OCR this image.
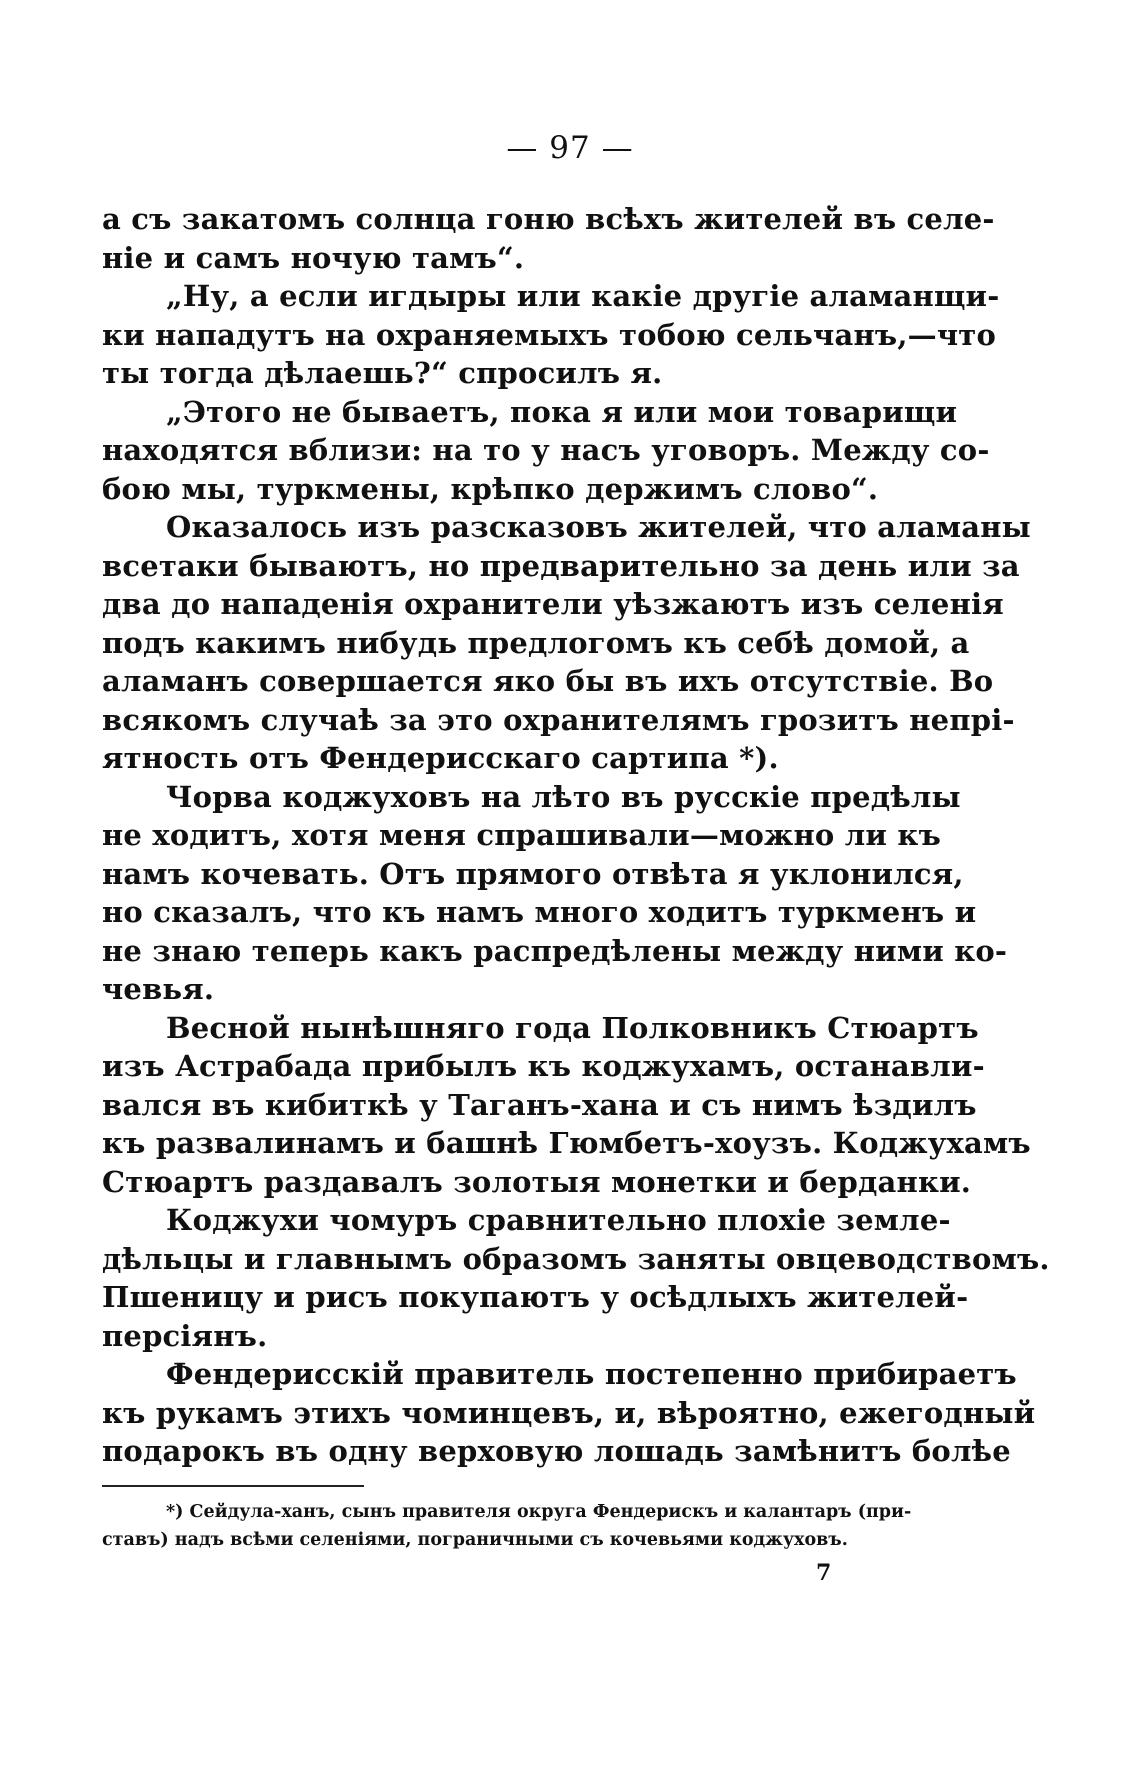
— 97 —
а съ закатомъ солнца гоню всѣхъ жителей въ селе-
ніе и самъ ночую тамъ“.
„Ну, а если игдыры или какіе другіе аламанщи-
ки нападутъ на охраняемыхъ тобою сельчанъ,—что
ты тогда дѣлаешь?“ спросилъ я.
„Этого не бываетъ, пока я или мои товарищи
находятся вблизи: на то у насъ уговоръ. Между со-
бою мы, туркмены, крѣпко держимъ слово“.
Оказалось изъ разсказовъ жителей, что аламаны
всетаки бываютъ, но предварительно за день или за
два до нападенія охранители уѣзжаютъ изъ селенія
подъ какимъ нибудь предлогомъ къ себѣ домой, а
аламанъ совершается яко бы въ ихъ отсутствіе. Во
всякомъ случаѣ за это охранителямъ грозитъ непрі-
ятность отъ Фендерисскаго сартипа *).
Чорва коджуховъ на лѣто въ русскіе предѣлы
не ходитъ, хотя меня спрашивали—можно ли къ
намъ кочевать. Отъ прямого отвѣта я уклонился,
но сказалъ, что къ намъ много ходитъ туркменъ и
не знаю теперь какъ распредѣлены между ними ко-
чевья.
Весной нынѣшняго года Полковникъ Стюартъ
изъ Астрабада прибылъ къ коджухамъ, останавли-
вался въ кибиткѣ у Тaганъ-хана и съ нимъ ѣздилъ
къ развалинамъ и башнѣ Гюмбетъ-хоузъ. Коджухамъ
Стюартъ раздавалъ золотыя монетки и берданки.
Коджухи чомуръ сравнительно плохіе земле-
дѣльцы и главнымъ образомъ заняты овцеводствомъ.
Пшеницу и рисъ покупаютъ у осѣдлыхъ жителей-
персіянъ.
Фендерисскій правитель постепенно прибираетъ
къ рукамъ этихъ чоминцевъ, и, вѣроятно, ежегодный
подарокъ въ одну верховую лошадь замѣнитъ болѣе
*) Сейдула-ханъ, сынъ правителя округа Фендерискъ и калантаръ (при-
ставъ) надъ всѣми селеніями, пограничными съ кочевьями коджуховъ.
7
